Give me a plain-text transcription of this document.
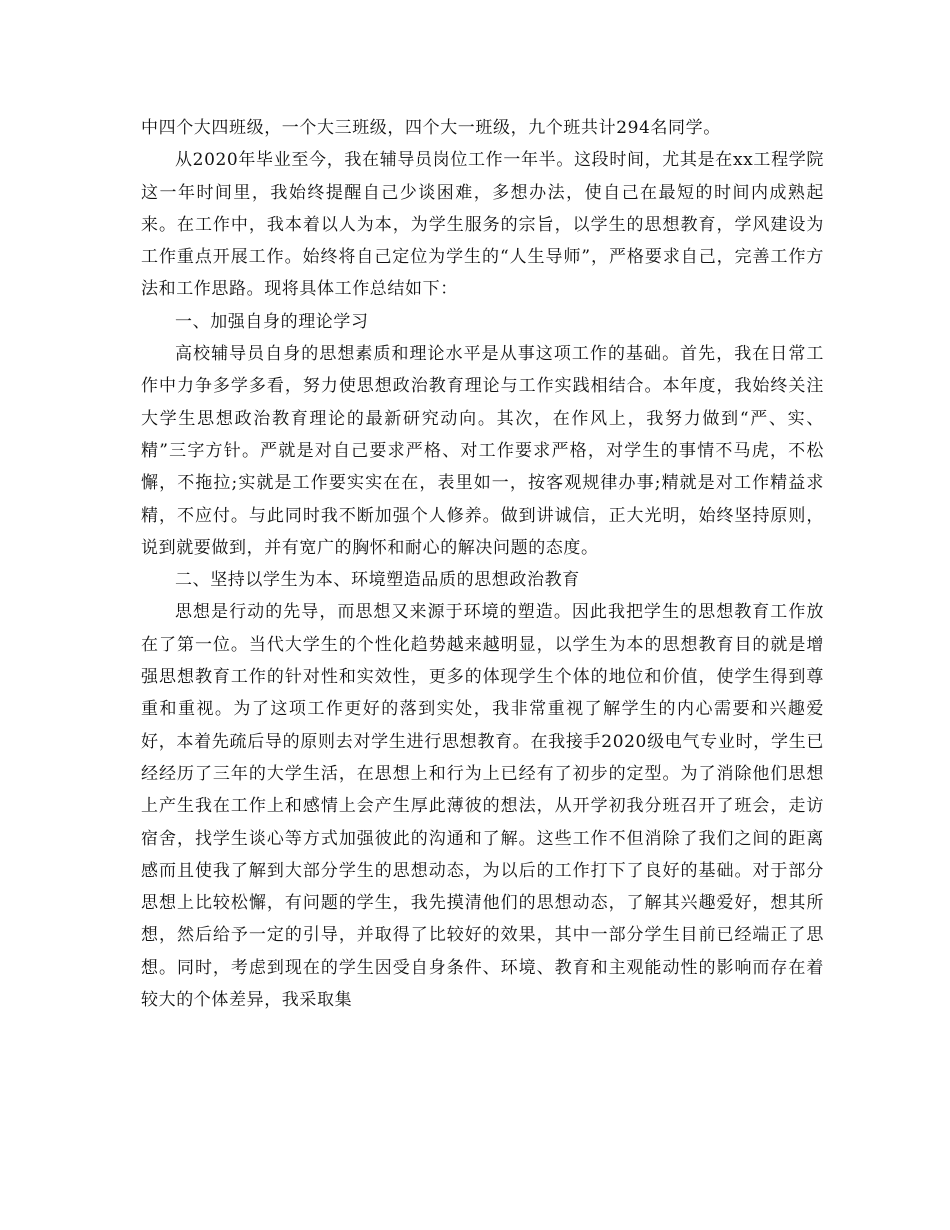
中四个大四班级，一个大三班级，四个大一班级，九个班共计294名同学。

从2020年毕业至今，我在辅导员岗位工作一年半。这段时间，尤其是在xx工程学院这一年时间里，我始终提醒自己少谈困难，多想办法，使自己在最短的时间内成熟起来。在工作中，我本着以人为本，为学生服务的宗旨，以学生的思想教育，学风建设为工作重点开展工作。始终将自己定位为学生的“人生导师”，严格要求自己，完善工作方法和工作思路。现将具体工作总结如下：

一、加强自身的理论学习

高校辅导员自身的思想素质和理论水平是从事这项工作的基础。首先，我在日常工作中力争多学多看，努力使思想政治教育理论与工作实践相结合。本年度，我始终关注大学生思想政治教育理论的最新研究动向。其次，在作风上，我努力做到“严、实、精”三字方针。严就是对自己要求严格、对工作要求严格，对学生的事情不马虎，不松懈，不拖拉;实就是工作要实实在在，表里如一，按客观规律办事;精就是对工作精益求精，不应付。与此同时我不断加强个人修养。做到讲诚信，正大光明，始终坚持原则，说到就要做到，并有宽广的胸怀和耐心的解决问题的态度。

二、坚持以学生为本、环境塑造品质的思想政治教育

思想是行动的先导，而思想又来源于环境的塑造。因此我把学生的思想教育工作放在了第一位。当代大学生的个性化趋势越来越明显，以学生为本的思想教育目的就是增强思想教育工作的针对性和实效性，更多的体现学生个体的地位和价值，使学生得到尊重和重视。为了这项工作更好的落到实处，我非常重视了解学生的内心需要和兴趣爱好，本着先疏后导的原则去对学生进行思想教育。在我接手2020级电气专业时，学生已经经历了三年的大学生活，在思想上和行为上已经有了初步的定型。为了消除他们思想上产生我在工作上和感情上会产生厚此薄彼的想法，从开学初我分班召开了班会，走访宿舍，找学生谈心等方式加强彼此的沟通和了解。这些工作不但消除了我们之间的距离感而且使我了解到大部分学生的思想动态，为以后的工作打下了良好的基础。对于部分思想上比较松懈，有问题的学生，我先摸清他们的思想动态，了解其兴趣爱好，想其所想，然后给予一定的引导，并取得了比较好的效果，其中一部分学生目前已经端正了思想。同时，考虑到现在的学生因受自身条件、环境、教育和主观能动性的影响而存在着较大的个体差异，我采取集
